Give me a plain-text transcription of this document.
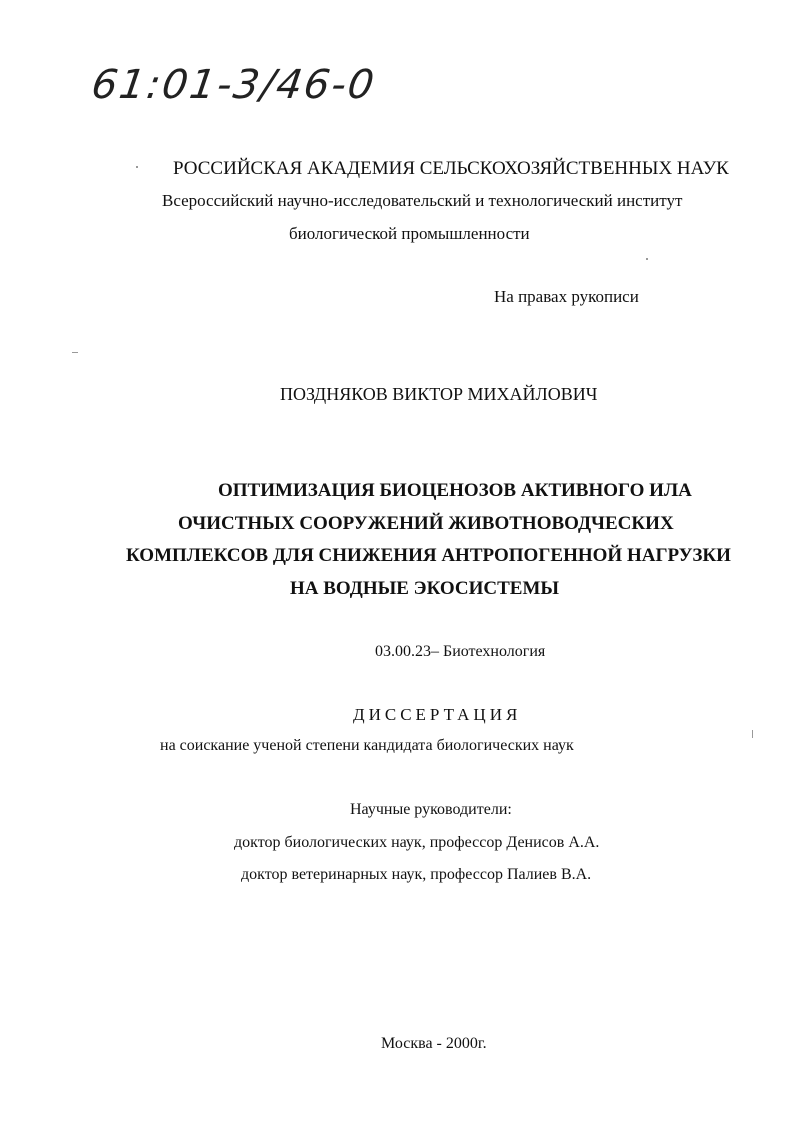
61:01-3/46-0
РОССИЙСКАЯ АКАДЕМИЯ СЕЛЬСКОХОЗЯЙСТВЕННЫХ НАУК
Всероссийский научно-исследовательский и технологический институт
биологической промышленности
На правах рукописи
ПОЗДНЯКОВ ВИКТОР МИХАЙЛОВИЧ
ОПТИМИЗАЦИЯ БИОЦЕНОЗОВ АКТИВНОГО ИЛА
ОЧИСТНЫХ СООРУЖЕНИЙ ЖИВОТНОВОДЧЕСКИХ
КОМПЛЕКСОВ ДЛЯ СНИЖЕНИЯ АНТРОПОГЕННОЙ НАГРУЗКИ
НА ВОДНЫЕ ЭКОСИСТЕМЫ
03.00.23– Биотехнология
ДИССЕРТАЦИЯ
на соискание ученой степени кандидата биологических наук
Научные руководители:
доктор биологических наук, профессор Денисов А.А.
доктор ветеринарных наук, профессор Палиев В.А.
Москва - 2000г.
